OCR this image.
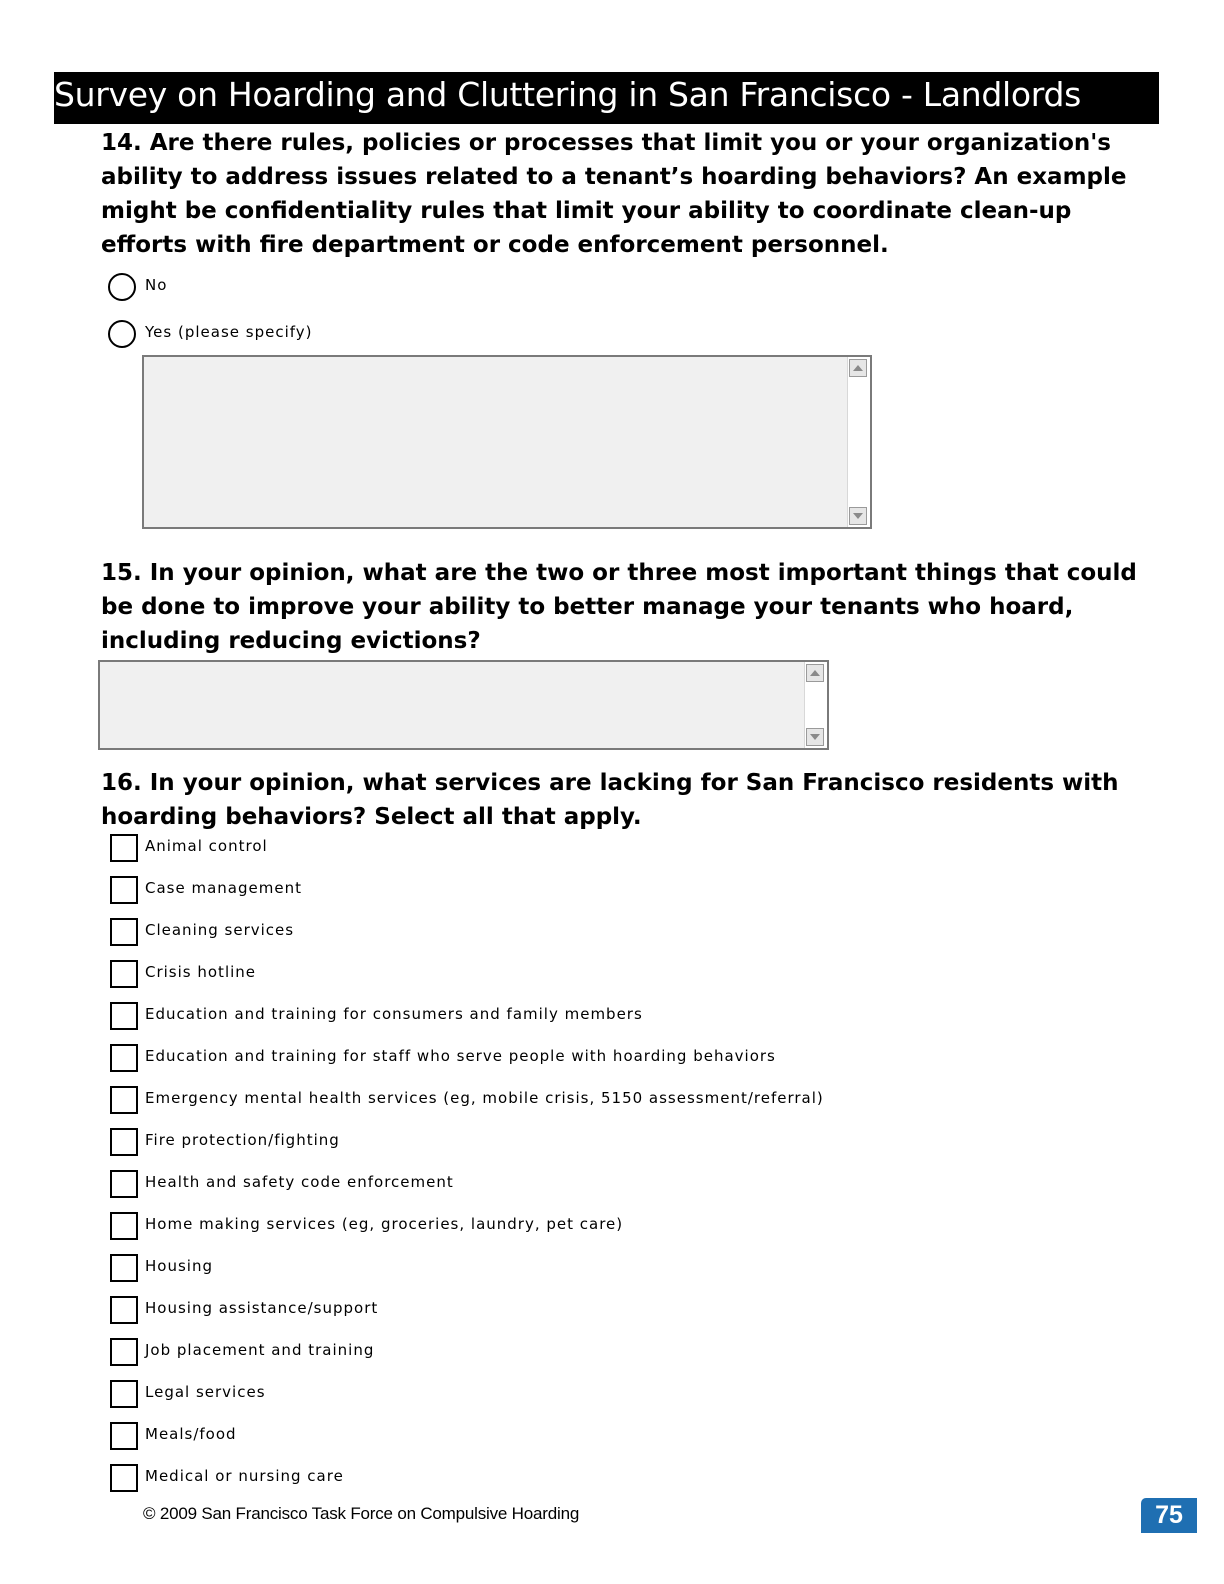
Survey on Hoarding and Cluttering in San Francisco - Landlords

14. Are there rules, policies or processes that limit you or your organization's ability to address issues related to a tenant’s hoarding behaviors? An example might be confidentiality rules that limit your ability to coordinate clean-up efforts with fire department or code enforcement personnel.

No
Yes (please specify)

15. In your opinion, what are the two or three most important things that could be done to improve your ability to better manage your tenants who hoard, including reducing evictions?

16. In your opinion, what services are lacking for San Francisco residents with hoarding behaviors? Select all that apply.

Animal control
Case management
Cleaning services
Crisis hotline
Education and training for consumers and family members
Education and training for staff who serve people with hoarding behaviors
Emergency mental health services (eg, mobile crisis, 5150 assessment/referral)
Fire protection/fighting
Health and safety code enforcement
Home making services (eg, groceries, laundry, pet care)
Housing
Housing assistance/support
Job placement and training
Legal services
Meals/food
Medical or nursing care
© 2009 San Francisco Task Force on Compulsive Hoarding	75
